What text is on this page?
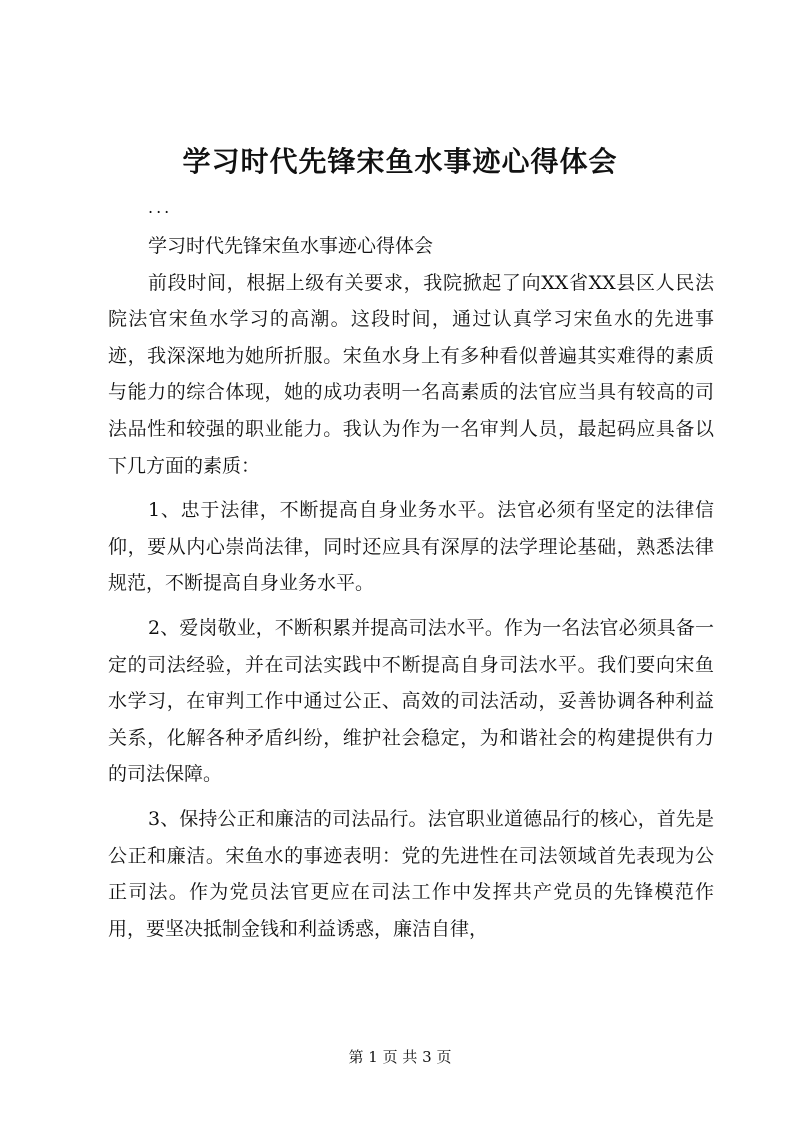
学习时代先锋宋鱼水事迹心得体会
...

学习时代先锋宋鱼水事迹心得体会

前段时间，根据上级有关要求，我院掀起了向XX省XX县区人民法院法官宋鱼水学习的高潮。这段时间，通过认真学习宋鱼水的先进事迹，我深深地为她所折服。宋鱼水身上有多种看似普遍其实难得的素质与能力的综合体现，她的成功表明一名高素质的法官应当具有较高的司法品性和较强的职业能力。我认为作为一名审判人员，最起码应具备以下几方面的素质：

1、忠于法律，不断提高自身业务水平。法官必须有坚定的法律信仰，要从内心崇尚法律，同时还应具有深厚的法学理论基础，熟悉法律规范，不断提高自身业务水平。

2、爱岗敬业，不断积累并提高司法水平。作为一名法官必须具备一定的司法经验，并在司法实践中不断提高自身司法水平。我们要向宋鱼水学习，在审判工作中通过公正、高效的司法活动，妥善协调各种利益关系，化解各种矛盾纠纷，维护社会稳定，为和谐社会的构建提供有力的司法保障。

3、保持公正和廉洁的司法品行。法官职业道德品行的核心，首先是公正和廉洁。宋鱼水的事迹表明：党的先进性在司法领域首先表现为公正司法。作为党员法官更应在司法工作中发挥共产党员的先锋模范作用，要坚决抵制金钱和利益诱惑，廉洁自律，

第 1 页 共 3 页
